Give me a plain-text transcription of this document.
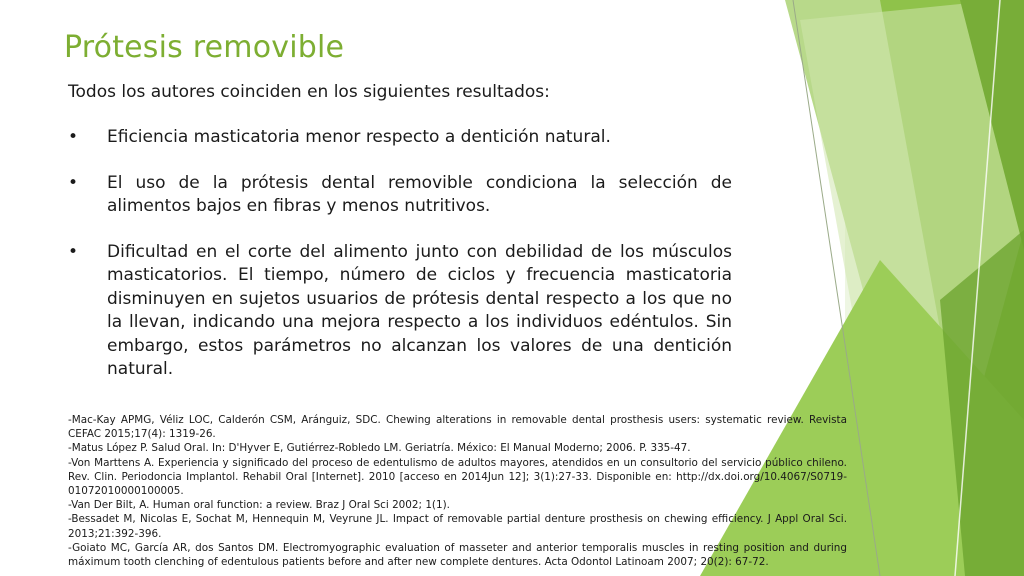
Prótesis removible

Todos los autores coinciden en los siguientes resultados:

• Eficiencia masticatoria menor respecto a dentición natural.
• El uso de la prótesis dental removible condiciona la selección de alimentos bajos en fibras y menos nutritivos.
• Dificultad en el corte del alimento junto con debilidad de los músculos masticatorios. El tiempo, número de ciclos y frecuencia masticatoria disminuyen en sujetos usuarios de prótesis dental respecto a los que no la llevan, indicando una mejora respecto a los individuos edéntulos. Sin embargo, estos parámetros no alcanzan los valores de una dentición natural.
-Mac-Kay APMG, Véliz LOC, Calderón CSM, Aránguiz, SDC. Chewing alterations in removable dental prosthesis users: systematic review. Revista CEFAC 2015;17(4): 1319-26.
-Matus López P. Salud Oral. In: D'Hyver E, Gutiérrez-Robledo LM. Geriatría. México: El Manual Moderno; 2006. P. 335-47.
-Von Marttens A. Experiencia y significado del proceso de edentulismo de adultos mayores, atendidos en un consultorio del servicio público chileno. Rev. Clin. Periodoncia Implantol. Rehabil Oral [Internet]. 2010 [acceso en 2014Jun 12]; 3(1):27-33. Disponible en: http://dx.doi.org/10.4067/S0719-01072010000100005.
-Van Der Bilt, A. Human oral function: a review. Braz J Oral Sci 2002; 1(1).
-Bessadet M, Nicolas E, Sochat M, Hennequin M, Veyrune JL. Impact of removable partial denture prosthesis on chewing efficiency. J Appl Oral Sci. 2013;21:392-396.
-Goiato MC, García AR, dos Santos DM. Electromyographic evaluation of masseter and anterior temporalis muscles in resting position and during máximum tooth clenching of edentulous patients before and after new complete dentures. Acta Odontol Latinoam 2007; 20(2): 67-72.
